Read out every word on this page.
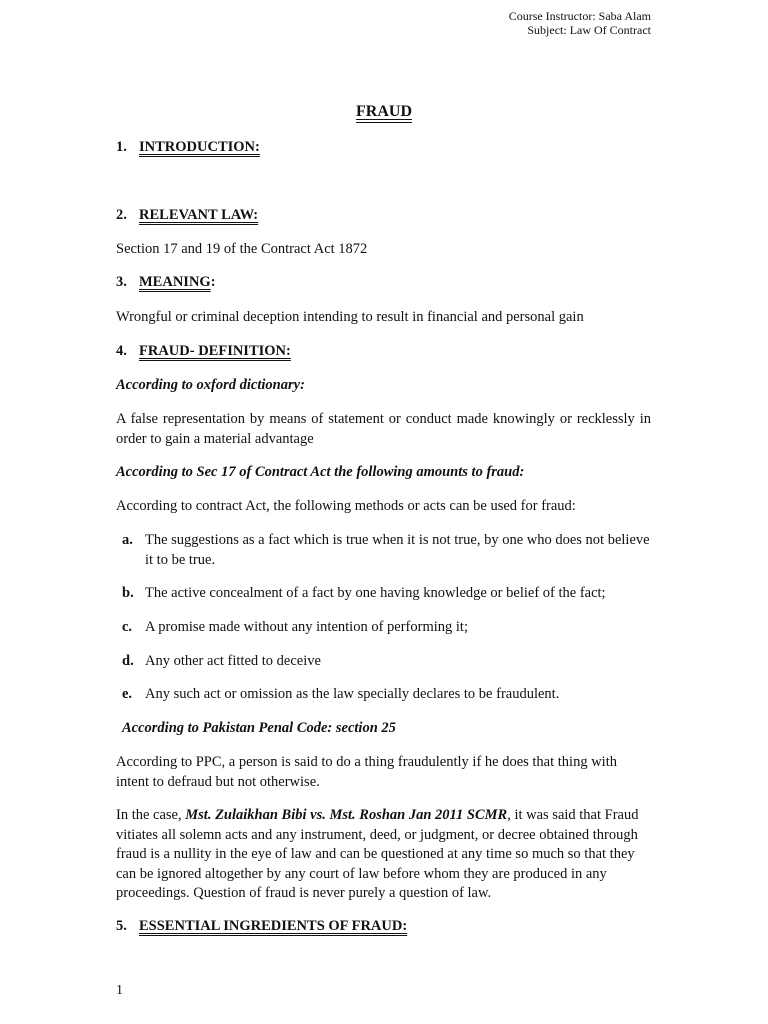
Course Instructor: Saba Alam
Subject: Law Of Contract
FRAUD
1. INTRODUCTION:
2. RELEVANT LAW:
Section 17 and 19 of the Contract Act 1872
3. MEANING:
Wrongful or criminal deception intending to result in financial and personal gain
4. FRAUD- DEFINITION:
According to oxford dictionary:
A false representation by means of statement or conduct made knowingly or recklessly in order to gain a material advantage
According to Sec 17 of Contract Act the following amounts to fraud:
According to contract Act, the following methods or acts can be used for fraud:
a. The suggestions as a fact which is true when it is not true, by one who does not believe it to be true.
b. The active concealment of a fact by one having knowledge or belief of the fact;
c. A promise made without any intention of performing it;
d. Any other act fitted to deceive
e. Any such act or omission as the law specially declares to be fraudulent.
According to Pakistan Penal Code: section 25
According to PPC, a person is said to do a thing fraudulently if he does that thing with intent to defraud but not otherwise.
In the case, Mst. Zulaikhan Bibi vs. Mst. Roshan Jan 2011 SCMR, it was said that Fraud vitiates all solemn acts and any instrument, deed, or judgment, or decree obtained through fraud is a nullity in the eye of law and can be questioned at any time so much so that they can be ignored altogether by any court of law before whom they are produced in any proceedings. Question of fraud is never purely a question of law.
5. ESSENTIAL INGREDIENTS OF FRAUD:
1
